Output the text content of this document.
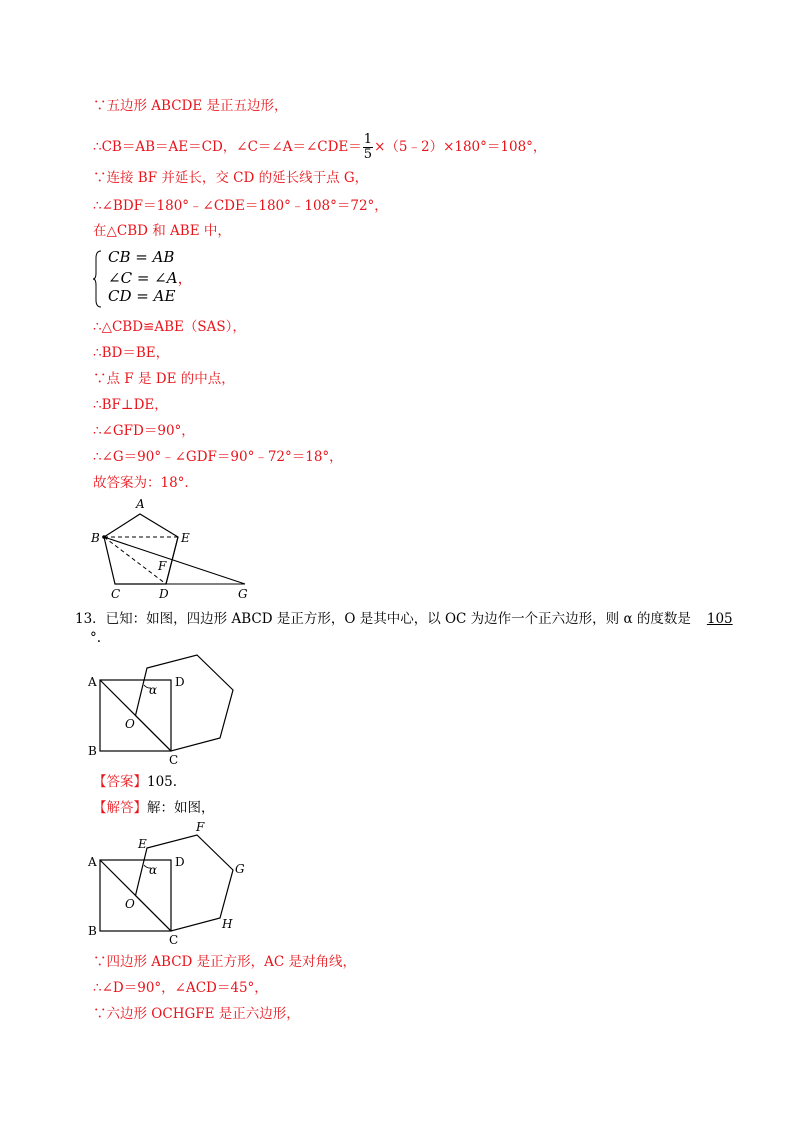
∵五边形 ABCDE 是正五边形，
∴CB＝AB＝AE＝CD，∠C＝∠A＝∠CDE＝ $\frac{1}{5}$ ×（5﹣2）×180°＝108°，
∵连接 BF 并延长，交 CD 的延长线于点 G，
∴∠BDF＝180°﹣∠CDE＝180°﹣108°＝72°，
在△CBD 和 ABE 中，
CB = AB
∠C = ∠A，
CD = AE
∴△CBD≌ABE（SAS），
∴BD＝BE，
∵点 F 是 DE 的中点，
∴BF⊥DE，
∴∠GFD＝90°，
∴∠G＝90°﹣∠GDF＝90°﹣72°＝18°，
故答案为：18°.
A
B	E
F
C	D	G
13．已知：如图，四边形 ABCD 是正方形，O 是其中心，以 OC 为边作一个正六边形，则 α 的度数是 105
°.
A	D
α
O
B
C
【答案】105.
【解答】解：如图，
A	D
E
F
G
H
α
O
B
C
∵四边形 ABCD 是正方形，AC 是对角线，
∴∠D＝90°，∠ACD＝45°，
∵六边形 OCHGFE 是正六边形，
